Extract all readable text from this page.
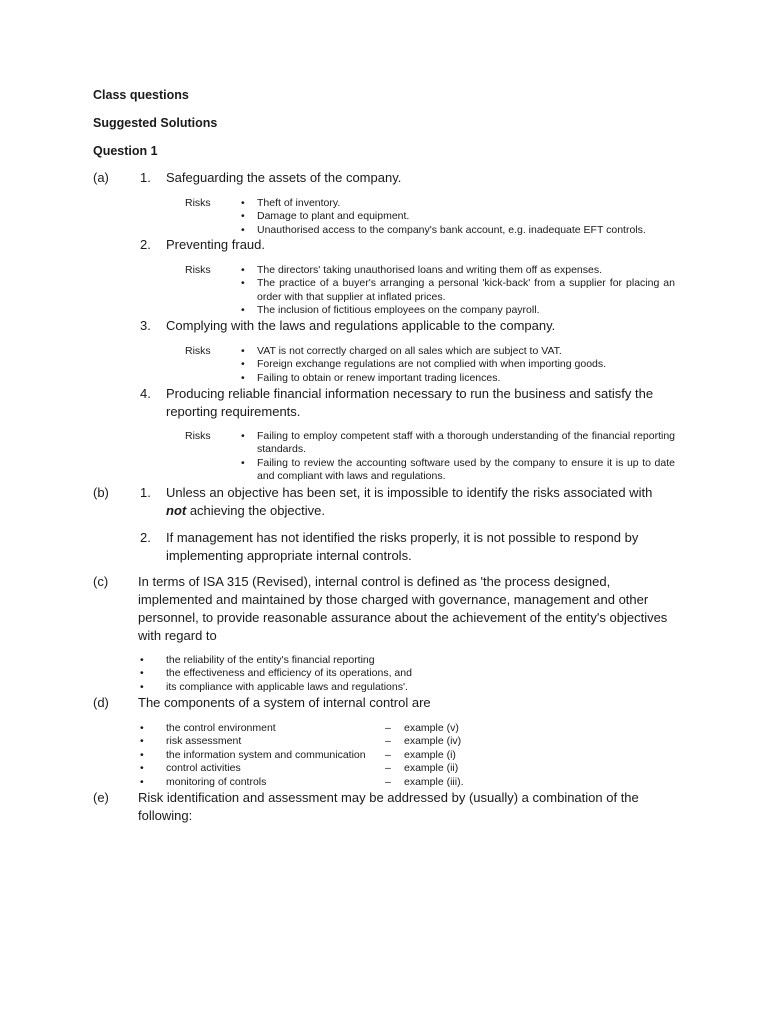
Class questions
Suggested Solutions
Question 1
(a) 1. Safeguarding the assets of the company.
Risks	• Theft of inventory.
• Damage to plant and equipment.
• Unauthorised access to the company's bank account, e.g. inadequate EFT controls.
2. Preventing fraud.
Risks	• The directors' taking unauthorised loans and writing them off as expenses.
• The practice of a buyer's arranging a personal 'kick-back' from a supplier for placing an order with that supplier at inflated prices.
• The inclusion of fictitious employees on the company payroll.
3. Complying with the laws and regulations applicable to the company.
Risks	• VAT is not correctly charged on all sales which are subject to VAT.
• Foreign exchange regulations are not complied with when importing goods.
• Failing to obtain or renew important trading licences.
4. Producing reliable financial information necessary to run the business and satisfy the reporting requirements.
Risks	• Failing to employ competent staff with a thorough understanding of the financial reporting standards.
• Failing to review the accounting software used by the company to ensure it is up to date and compliant with laws and regulations.
(b) 1. Unless an objective has been set, it is impossible to identify the risks associated with not achieving the objective.
2. If management has not identified the risks properly, it is not possible to respond by implementing appropriate internal controls.
(c) In terms of ISA 315 (Revised), internal control is defined as 'the process designed, implemented and maintained by those charged with governance, management and other personnel, to provide reasonable assurance about the achievement of the entity's objectives with regard to
• the reliability of the entity's financial reporting
• the effectiveness and efficiency of its operations, and
• its compliance with applicable laws and regulations'.
(d) The components of a system of internal control are
• the control environment	– example (v)
• risk assessment	– example (iv)
• the information system and communication – example (i)
• control activities	– example (ii)
• monitoring of controls	– example (iii).
(e) Risk identification and assessment may be addressed by (usually) a combination of the following:
